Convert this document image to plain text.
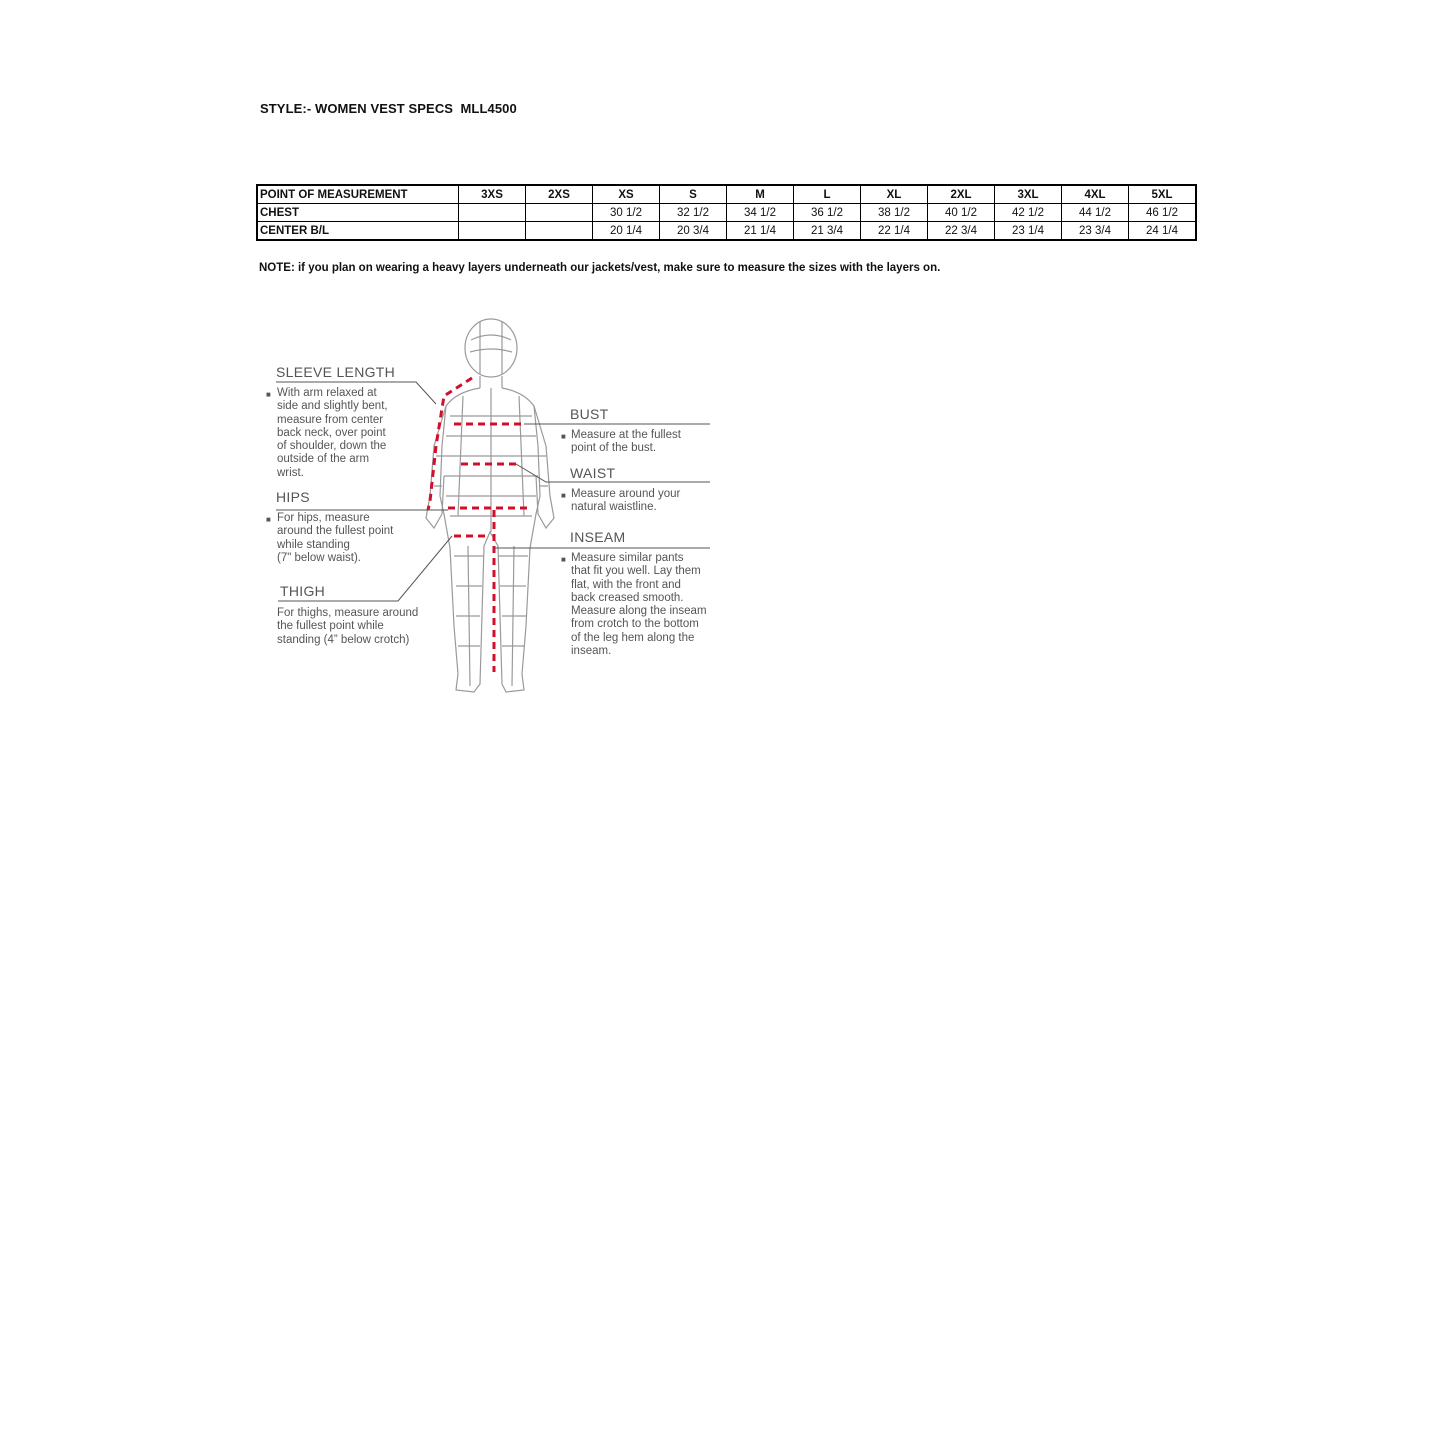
STYLE:- WOMEN VEST SPECS  MLL4500
POINT OF MEASUREMENT	3XS	2XS	XS	S	M	L	XL	2XL	3XL	4XL	5XL
CHEST			30 1/2	32 1/2	34 1/2	36 1/2	38 1/2	40 1/2	42 1/2	44 1/2	46 1/2
CENTER B/L			20 1/4	20 3/4	21 1/4	21 3/4	22 1/4	22 3/4	23 1/4	23 3/4	24 1/4
NOTE: if you plan on wearing a heavy layers underneath our jackets/vest, make sure to measure the sizes with the layers on.
SLEEVE LENGTH
■ With arm relaxed at
side and slightly bent,
measure from center
back neck, over point
of shoulder, down the
outside of the arm
wrist.
HIPS
■ For hips, measure
around the fullest point
while standing
(7" below waist).
THIGH
For thighs, measure around
the fullest point while
standing (4” below crotch)
BUST
■ Measure at the fullest
point of the bust.
WAIST
■ Measure around your
natural waistline.
INSEAM
■ Measure similar pants
that fit you well. Lay them
flat, with the front and
back creased smooth.
Measure along the inseam
from crotch to the bottom
of the leg hem along the
inseam.
